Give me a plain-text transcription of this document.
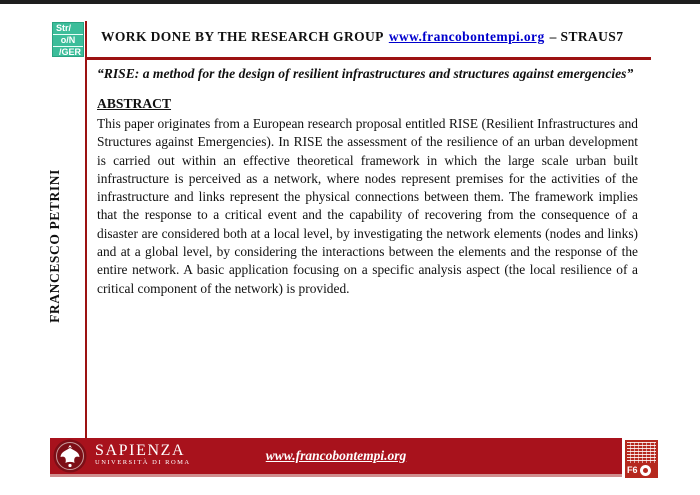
Str/
o/N
/GER
WORK DONE BY THE RESEARCH GROUP www.francobontempi.org – STRAUS7
FRANCESCO PETRINI
“RISE: a method for the design of resilient infrastructures and structures against emergencies”
ABSTRACT
This paper originates from a European research proposal entitled RISE (Resilient Infrastructures and Structures against Emergencies). In RISE the assessment of the resilience of an urban development is carried out within an effective theoretical framework in which the large scale urban built infrastructure is perceived as a network, where nodes represent premises for the activities of the infrastructure and links represent the physical connections between them. The framework implies that the response to a critical event and the capability of recovering from the consequence of a disaster are considered both at a local level, by investigating the network elements (nodes and links) and at a global level, by considering the interactions between the elements and the response of the entire network. A basic application focusing on a specific analysis aspect (the local resilience of a critical component of the network) is provided.
SAPIENZA
UNIVERSITÀ DI ROMA	www.francobontempi.org
F6
